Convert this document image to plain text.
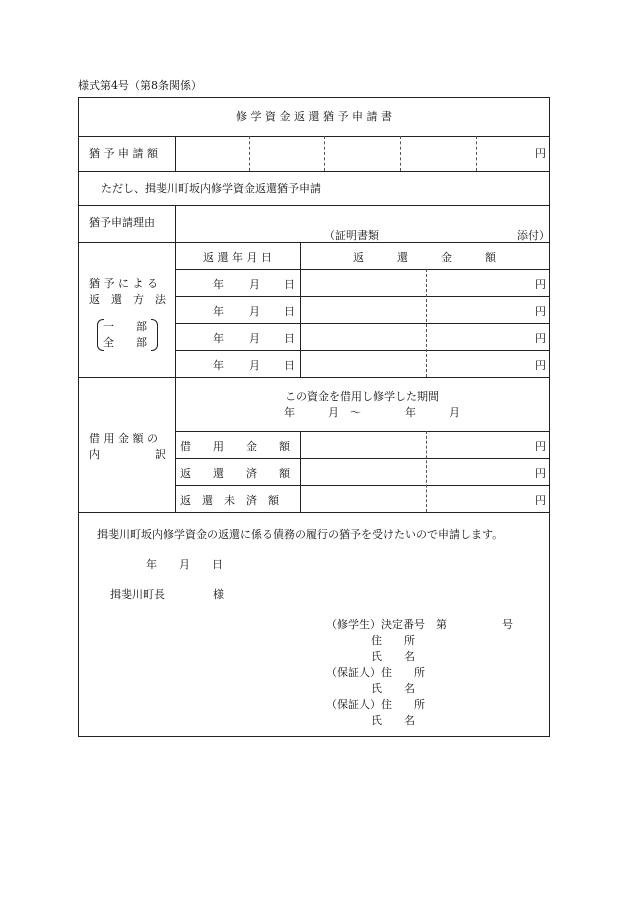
様式第4号（第8条関係）
修 学 資 金 返 還 猶 予 申 請 書
猶 予 申 請 額	円
ただし、揖斐川町坂内修学資金返還猶予申請
猶予申請理由
（証明書類	添付）
猶 予 に よ る
返　還　方　法
一　　部
全　　部
返 還 年 月 日	返　　　還　　　金　　　額
年 月 日	円
年 月 日	円
年 月 日	円
年 月 日	円
借 用 金 額 の
内　　　　　訳
この資金を借用し修学した期間
年　　　月　〜　　　　年　　　月
借　　用　　金　　額	円
返　　還　　済　　額	円
返　還　未　済　額	円
揖斐川町坂内修学資金の返還に係る債務の履行の猶予を受けたいので申請します。
年　　月　　日
揖斐川町長	様
（修学生）決定番号　第	号
住　　所
氏　　名
（保証人）住　　所
氏　　名
（保証人）住　　所
氏　　名
